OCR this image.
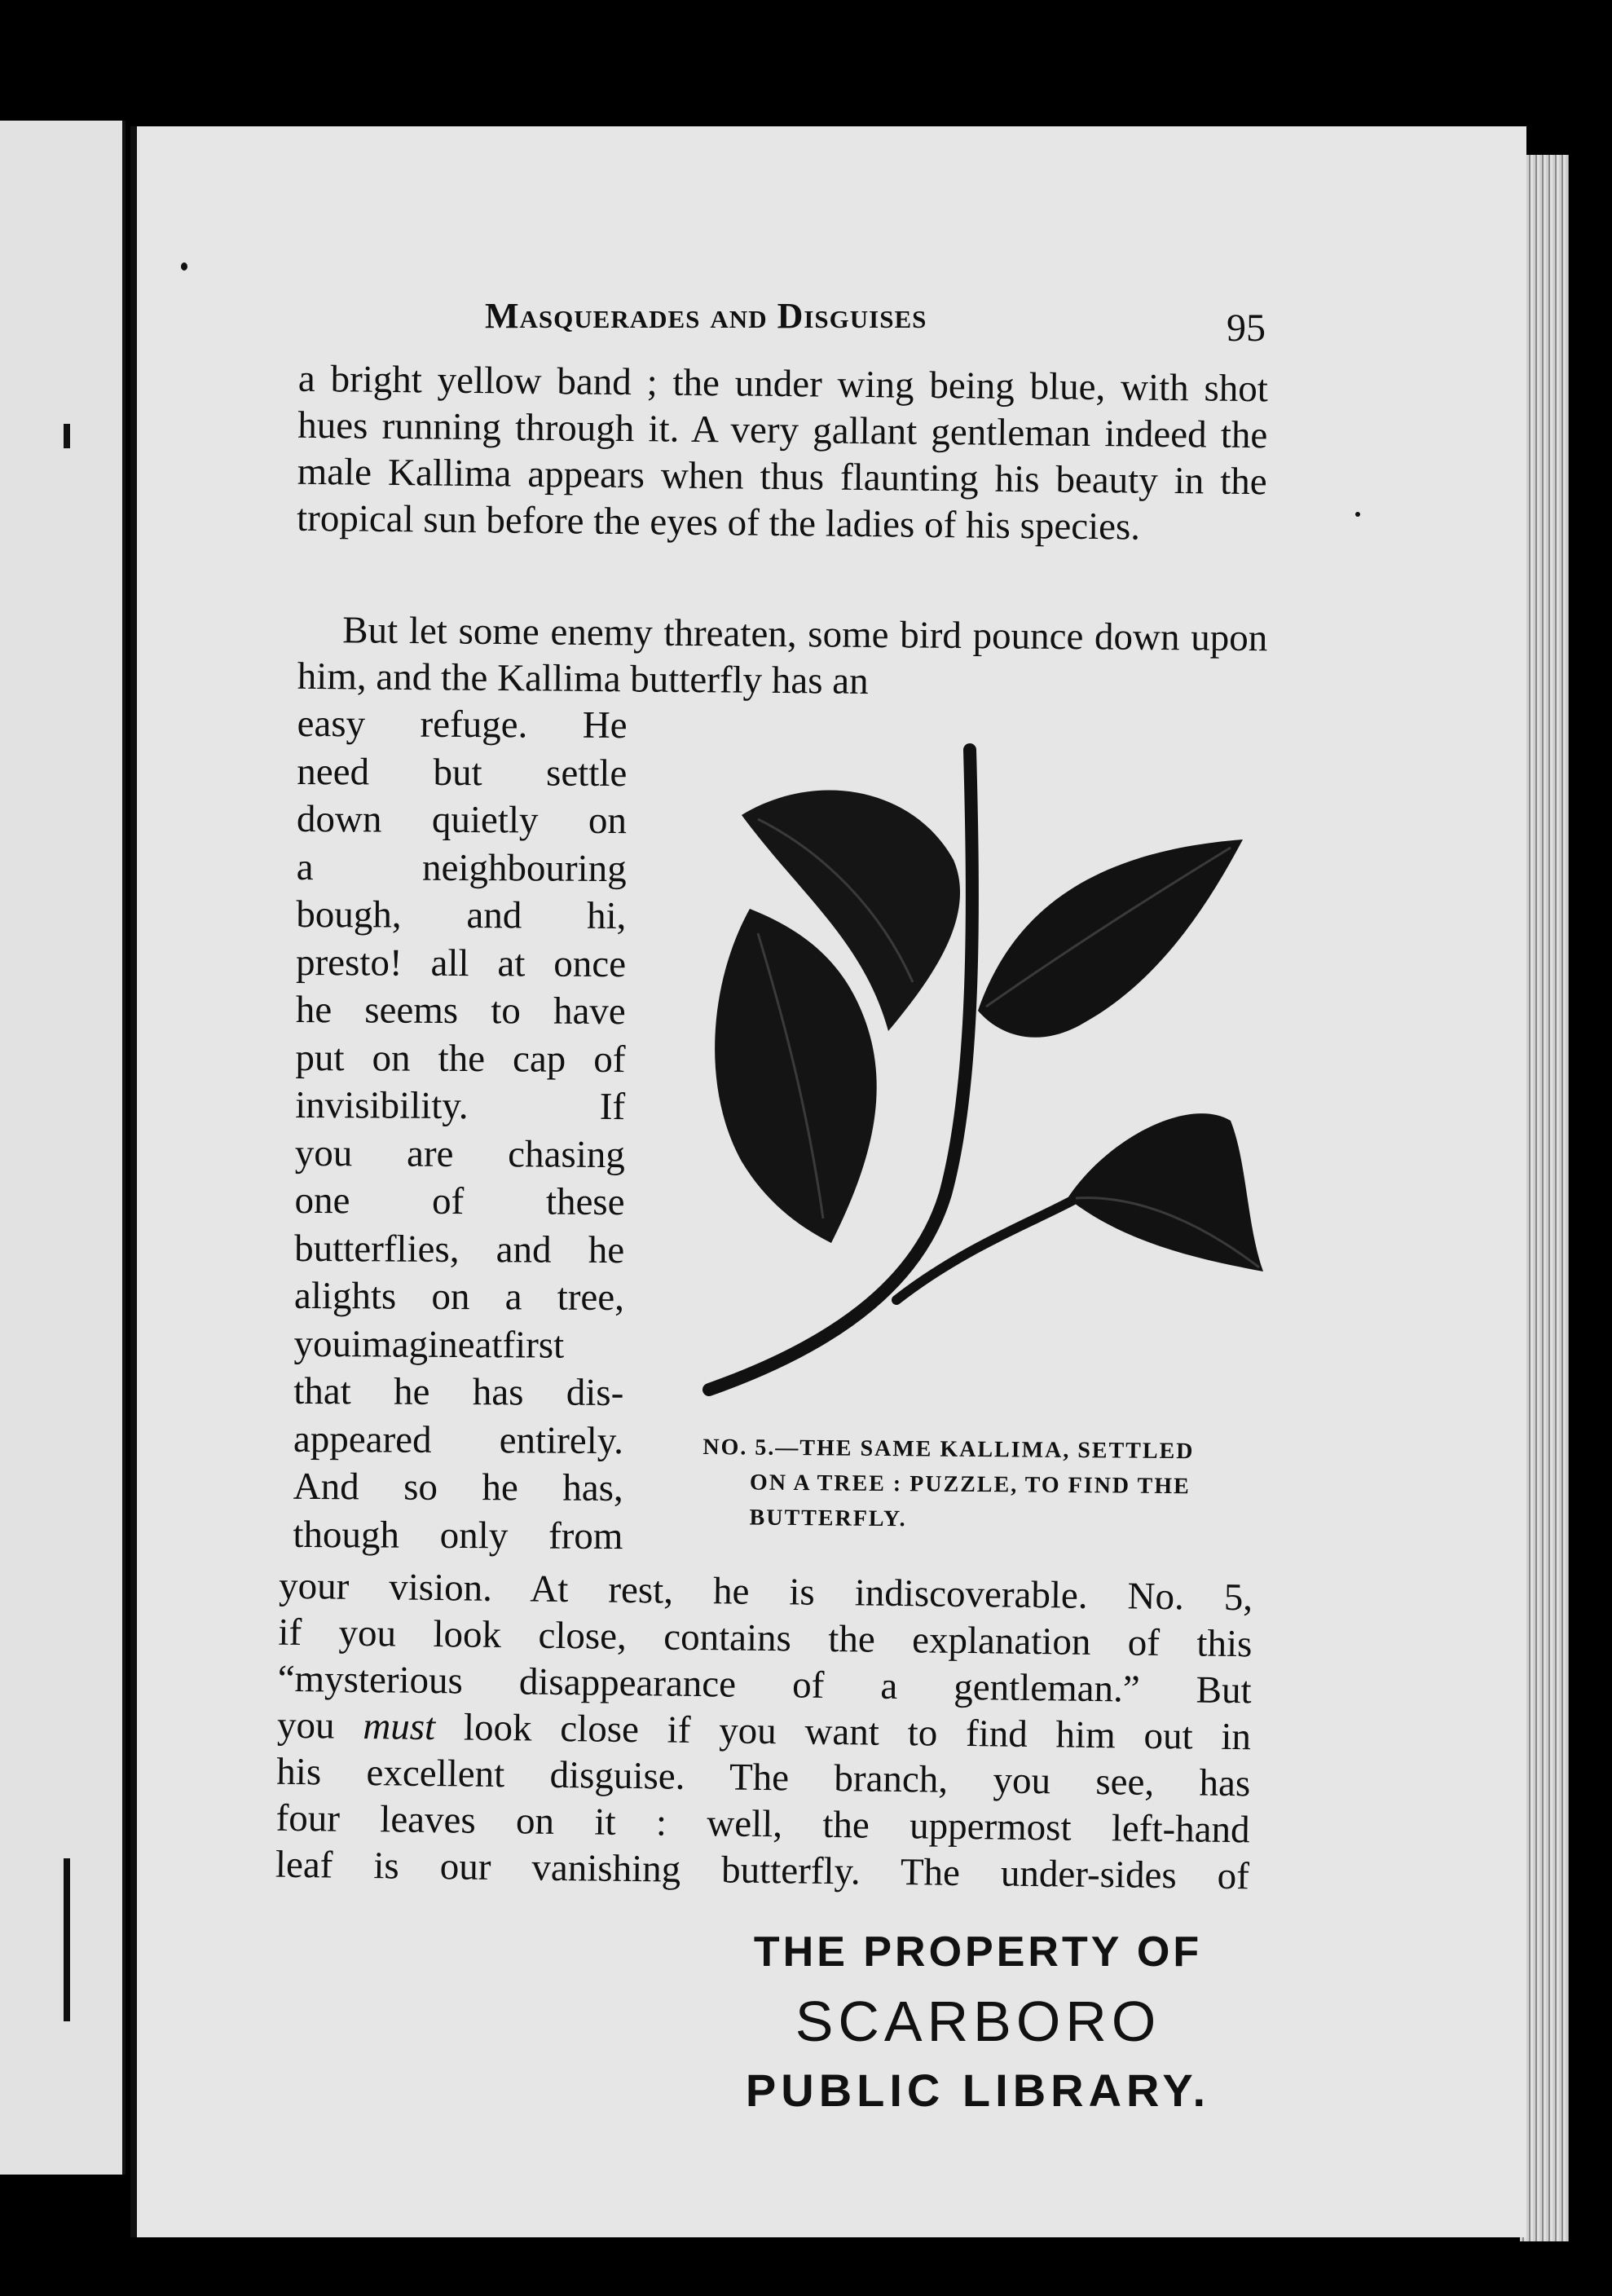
Masquerades and Disguises	95

a bright yellow band ; the under wing being blue, with shot hues running through it. A very gallant gentleman indeed the male Kallima appears when thus flaunting his beauty in the tropical sun before the eyes of the ladies of his species.

But let some enemy threaten, some bird pounce down upon him, and the Kallima butterfly has an

easy refuge. He
need but settle
down quietly on
a neighbouring
bough, and hi,
presto! all at once
he seems to have
put on the cap of
invisibility. If
you are chasing
one of these
butterflies, and he
alights on a tree,
youimagineatfirst
that he has dis-
appeared entirely.
And so he has,
though only from

NO. 5.—THE SAME KALLIMA, SETTLED
ON A TREE : PUZZLE, TO FIND THE
BUTTERFLY.

your vision. At rest, he is indiscoverable. No. 5,
if you look close, contains the explanation of this
“mysterious disappearance of a gentleman.” But
you must look close if you want to find him out in
his excellent disguise. The branch, you see, has
four leaves on it : well, the uppermost left-hand
leaf is our vanishing butterfly. The under-sides of

THE PROPERTY OF
SCARBORO
PUBLIC LIBRARY.
